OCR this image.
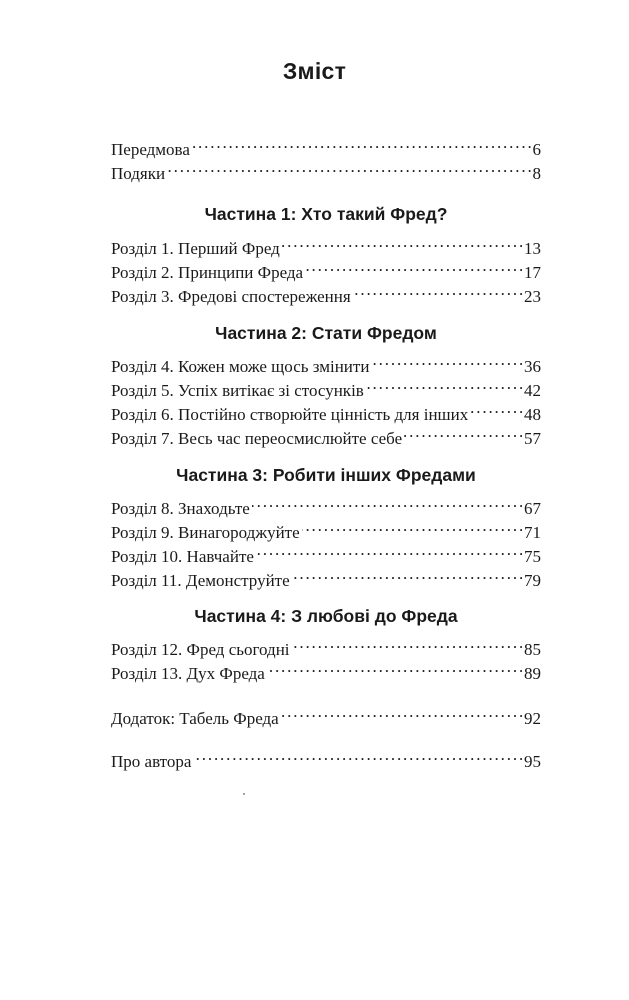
Зміст
Передмова . . .	6
Подяки . . .	8
Частина 1: Хто такий Фред?
Розділ 1. Перший Фред . . .	13
Розділ 2. Принципи Фреда . . .	17
Розділ 3. Фредові спостереження . . .	23
Частина 2: Стати Фредом
Розділ 4. Кожен може щось змінити . . .	36
Розділ 5. Успіх витікає зі стосунків . . .	42
Розділ 6. Постійно створюйте цінність для інших . . .	48
Розділ 7. Весь час переосмислюйте себе . . .	57
Частина 3: Робити інших Фредами
Розділ 8. Знаходьте . . .	67
Розділ 9. Винагороджуйте . . .	71
Розділ 10. Навчайте . . .	75
Розділ 11. Демонструйте . . .	79
Частина 4: З любові до Фреда
Розділ 12. Фред сьогодні . . .	85
Розділ 13. Дух Фреда . . .	89
Додаток: Табель Фреда . . .	92
Про автора . . .	95
